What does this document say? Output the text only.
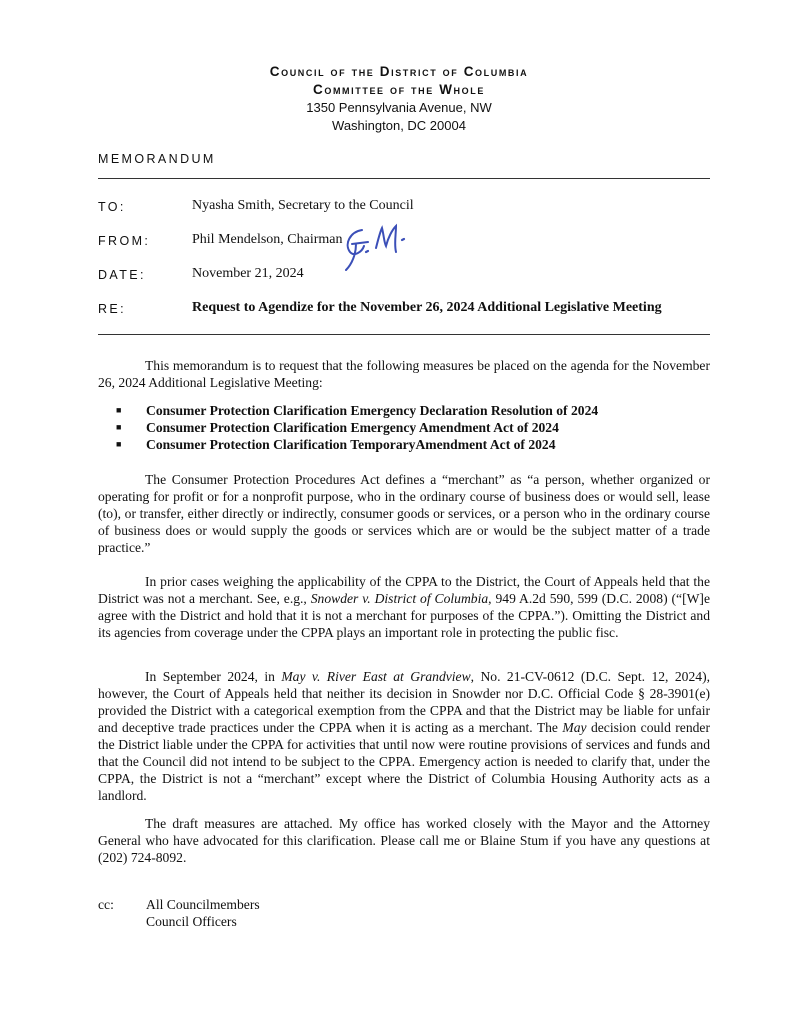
Council of the District of Columbia
Committee of the Whole
1350 Pennsylvania Avenue, NW
Washington, DC 20004
MEMORANDUM
TO:	Nyasha Smith, Secretary to the Council
FROM:	Phil Mendelson, Chairman
DATE:	November 21, 2024
RE:	Request to Agendize for the November 26, 2024 Additional Legislative Meeting

This memorandum is to request that the following measures be placed on the agenda for the November 26, 2024 Additional Legislative Meeting:

■ Consumer Protection Clarification Emergency Declaration Resolution of 2024
■ Consumer Protection Clarification Emergency Amendment Act of 2024
■ Consumer Protection Clarification TemporaryAmendment Act of 2024

The Consumer Protection Procedures Act defines a “merchant” as “a person, whether organized or operating for profit or for a nonprofit purpose, who in the ordinary course of business does or would sell, lease (to), or transfer, either directly or indirectly, consumer goods or services, or a person who in the ordinary course of business does or would supply the goods or services which are or would be the subject matter of a trade practice.”

In prior cases weighing the applicability of the CPPA to the District, the Court of Appeals held that the District was not a merchant. See, e.g., Snowder v. District of Columbia, 949 A.2d 590, 599 (D.C. 2008) (“[W]e agree with the District and hold that it is not a merchant for purposes of the CPPA.”). Omitting the District and its agencies from coverage under the CPPA plays an important role in protecting the public fisc.

In September 2024, in May v. River East at Grandview, No. 21-CV-0612 (D.C. Sept. 12, 2024), however, the Court of Appeals held that neither its decision in Snowder nor D.C. Official Code § 28-3901(e) provided the District with a categorical exemption from the CPPA and that the District may be liable for unfair and deceptive trade practices under the CPPA when it is acting as a merchant. The May decision could render the District liable under the CPPA for activities that until now were routine provisions of services and funds and that the Council did not intend to be subject to the CPPA. Emergency action is needed to clarify that, under the CPPA, the District is not a “merchant” except where the District of Columbia Housing Authority acts as a landlord.

The draft measures are attached. My office has worked closely with the Mayor and the Attorney General who have advocated for this clarification. Please call me or Blaine Stum if you have any questions at (202) 724-8092.

cc: All Councilmembers
Council Officers
